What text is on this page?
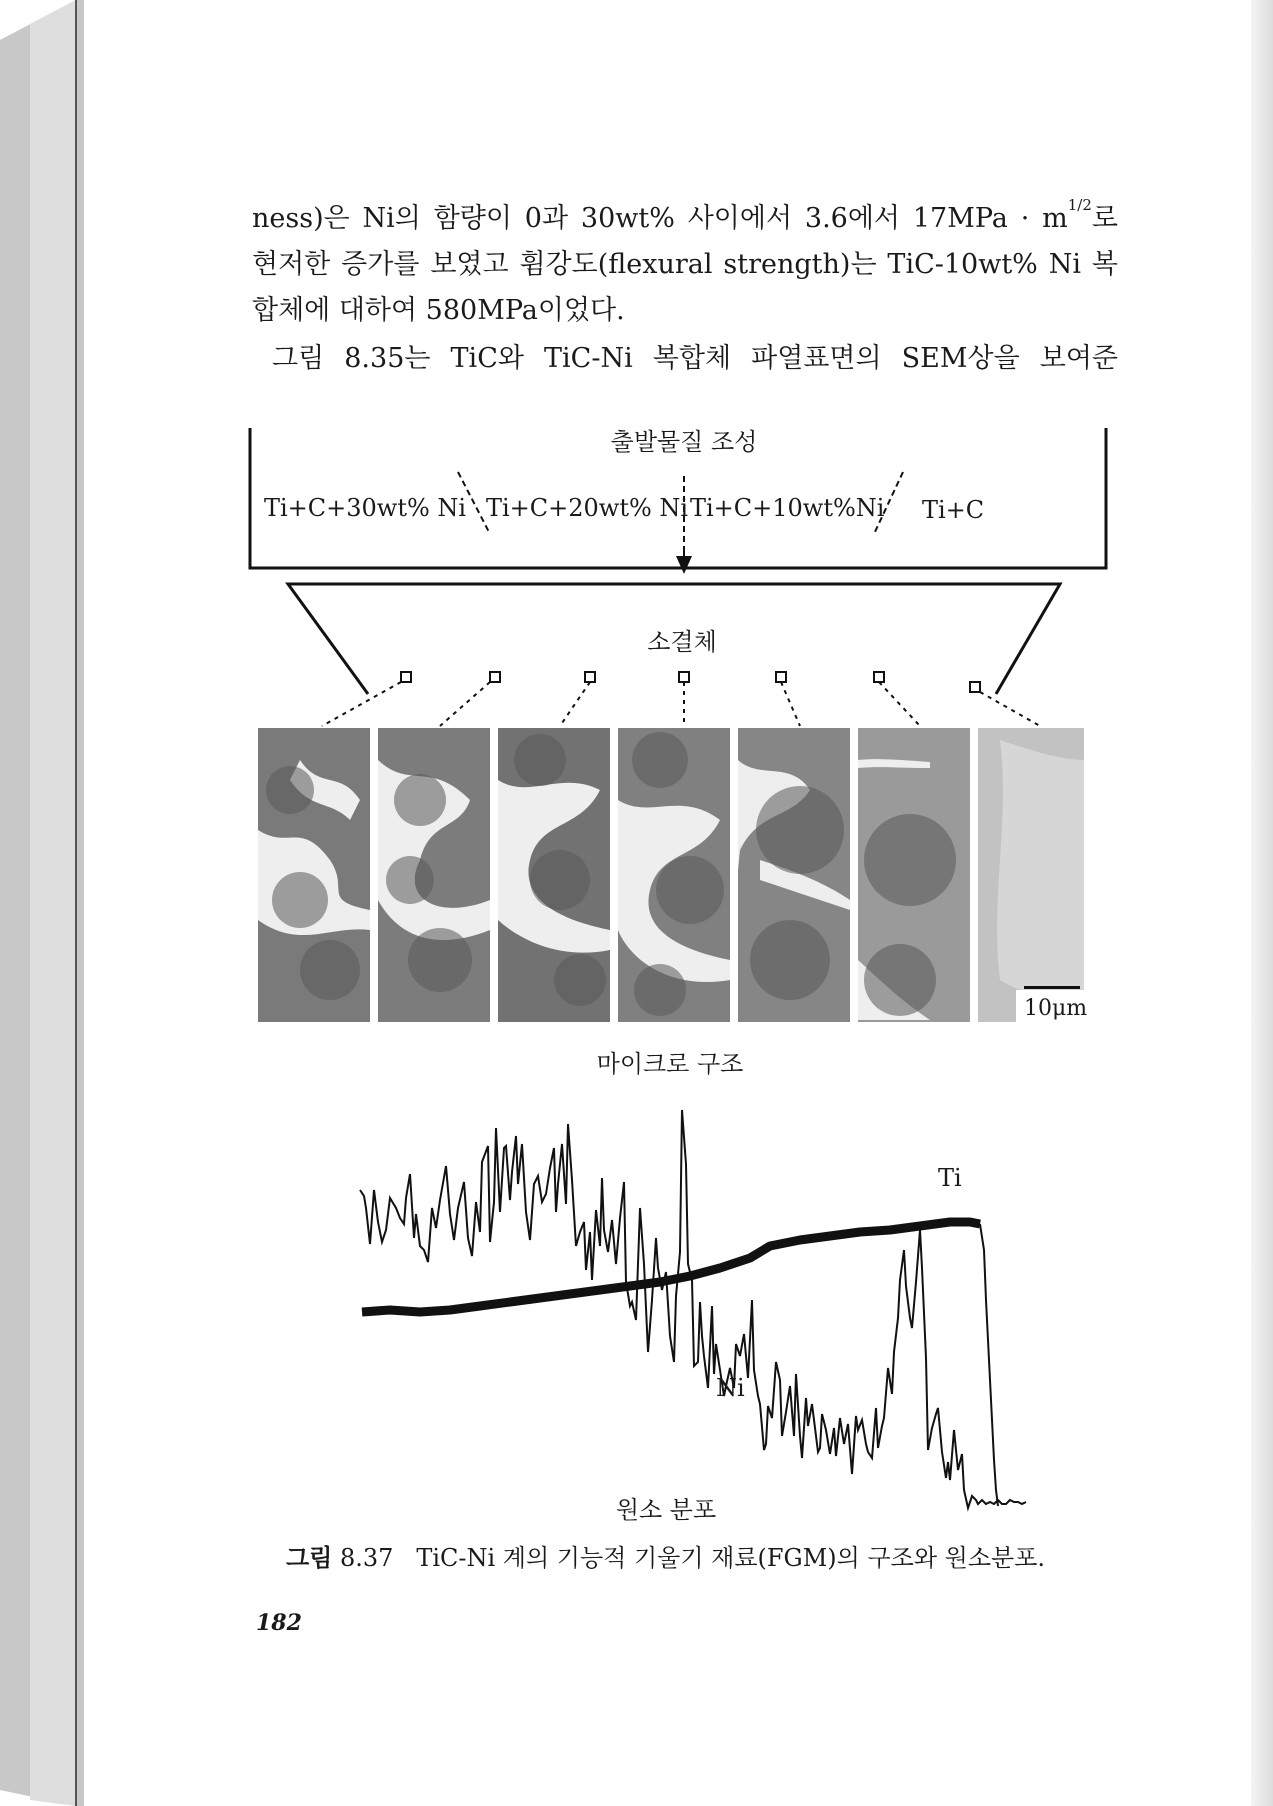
ness)은 Ni의 함량이 0과 30wt% 사이에서 3.6에서 $17MPa \cdot m^{1/2}$로
현저한 증가를 보였고 휨강도(flexural strength)는 TiC-10wt% Ni 복
합체에 대하여 580MPa이었다.
그림 8.35는 TiC와 TiC-Ni 복합체 파열표면의 SEM상을 보여준
출발물질 조성
Ti+C+30wt% Ni Ti+C+20wt% Ni Ti+C+10wt%Ni Ti+C
소결체
10μm
마이크로 구조
Ti
Ni
원소 분포
그림 8.37 TiC-Ni 계의 기능적 기울기 재료(FGM)의 구조와 원소분포.
182
